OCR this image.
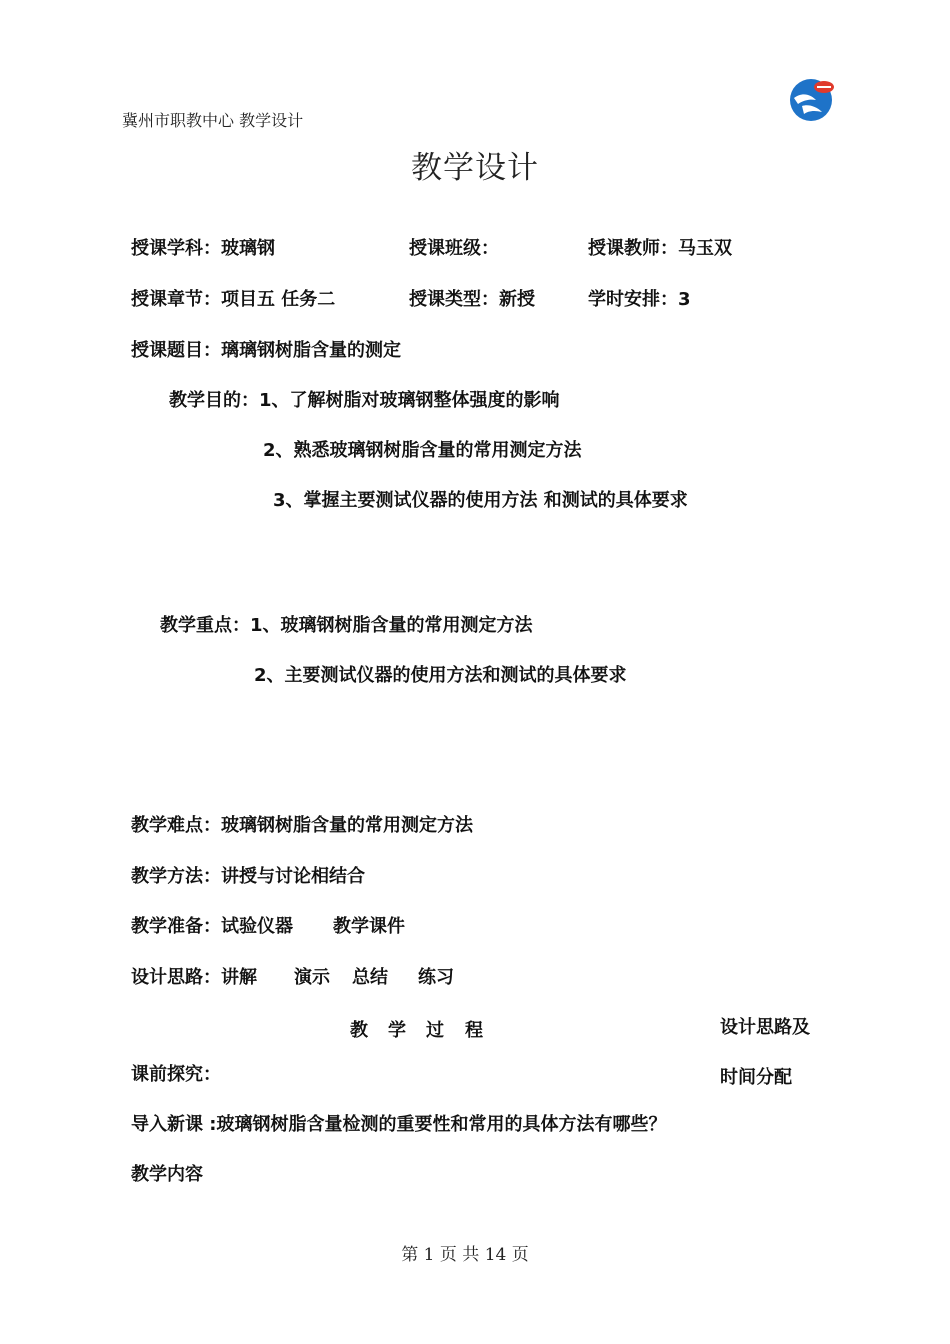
冀州市职教中心 教学设计
教学设计
授课学科：玻璃钢	授课班级：	授课教师：马玉双
授课章节：项目五 任务二	授课类型：新授	学时安排：3
授课题目：璃璃钢树脂含量的测定
教学目的：1、了解树脂对玻璃钢整体强度的影响
2、熟悉玻璃钢树脂含量的常用测定方法
3、掌握主要测试仪器的使用方法 和测试的具体要求
教学重点：1、玻璃钢树脂含量的常用测定方法
2、主要测试仪器的使用方法和测试的具体要求
教学难点：玻璃钢树脂含量的常用测定方法
教学方法：讲授与讨论相结合
教学准备：试验仪器 教学课件
设计思路：讲解 演示 总结 练习
教 学 过 程	设计思路及
时间分配
课前探究：
导入新课 :玻璃钢树脂含量检测的重要性和常用的具体方法有哪些？
教学内容
第 1 页 共 14 页
